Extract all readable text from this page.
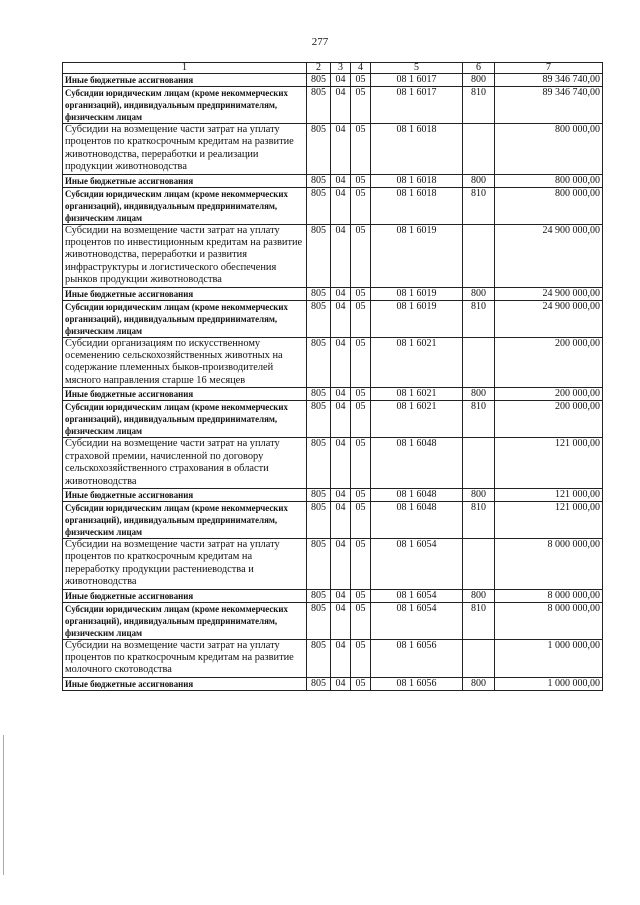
277
1	2	3	4	5	6	7
Иные бюджетные ассигнования	805	04	05	08 1 6017	800	89 346 740,00
Субсидии юридическим лицам (кроме некоммерческих организаций), индивидуальным предпринимателям, физическим лицам	805	04	05	08 1 6017	810	89 346 740,00
Субсидии на возмещение части затрат на уплату процентов по краткосрочным кредитам на развитие животноводства, переработки и реализации продукции животноводства	805	04	05	08 1 6018		800 000,00
Иные бюджетные ассигнования	805	04	05	08 1 6018	800	800 000,00
Субсидии юридическим лицам (кроме некоммерческих организаций), индивидуальным предпринимателям, физическим лицам	805	04	05	08 1 6018	810	800 000,00
Субсидии на возмещение части затрат на уплату процентов по инвестиционным кредитам на развитие животноводства, переработки и развития инфраструктуры и логистического обеспечения рынков продукции животноводства	805	04	05	08 1 6019		24 900 000,00
Иные бюджетные ассигнования	805	04	05	08 1 6019	800	24 900 000,00
Субсидии юридическим лицам (кроме некоммерческих организаций), индивидуальным предпринимателям, физическим лицам	805	04	05	08 1 6019	810	24 900 000,00
Субсидии организациям по искусственному осеменению сельскохозяйственных животных на содержание племенных быков-производителей мясного направления старше 16 месяцев	805	04	05	08 1 6021		200 000,00
Иные бюджетные ассигнования	805	04	05	08 1 6021	800	200 000,00
Субсидии юридическим лицам (кроме некоммерческих организаций), индивидуальным предпринимателям, физическим лицам	805	04	05	08 1 6021	810	200 000,00
Субсидии на возмещение части затрат на уплату страховой премии, начисленной по договору сельскохозяйственного страхования в области животноводства	805	04	05	08 1 6048		121 000,00
Иные бюджетные ассигнования	805	04	05	08 1 6048	800	121 000,00
Субсидии юридическим лицам (кроме некоммерческих организаций), индивидуальным предпринимателям, физическим лицам	805	04	05	08 1 6048	810	121 000,00
Субсидии на возмещение части затрат на уплату процентов по краткосрочным кредитам на переработку продукции растениеводства и животноводства	805	04	05	08 1 6054		8 000 000,00
Иные бюджетные ассигнования	805	04	05	08 1 6054	800	8 000 000,00
Субсидии юридическим лицам (кроме некоммерческих организаций), индивидуальным предпринимателям, физическим лицам	805	04	05	08 1 6054	810	8 000 000,00
Субсидии на возмещение части затрат на уплату процентов по краткосрочным кредитам на развитие молочного скотоводства	805	04	05	08 1 6056		1 000 000,00
Иные бюджетные ассигнования	805	04	05	08 1 6056	800	1 000 000,00
